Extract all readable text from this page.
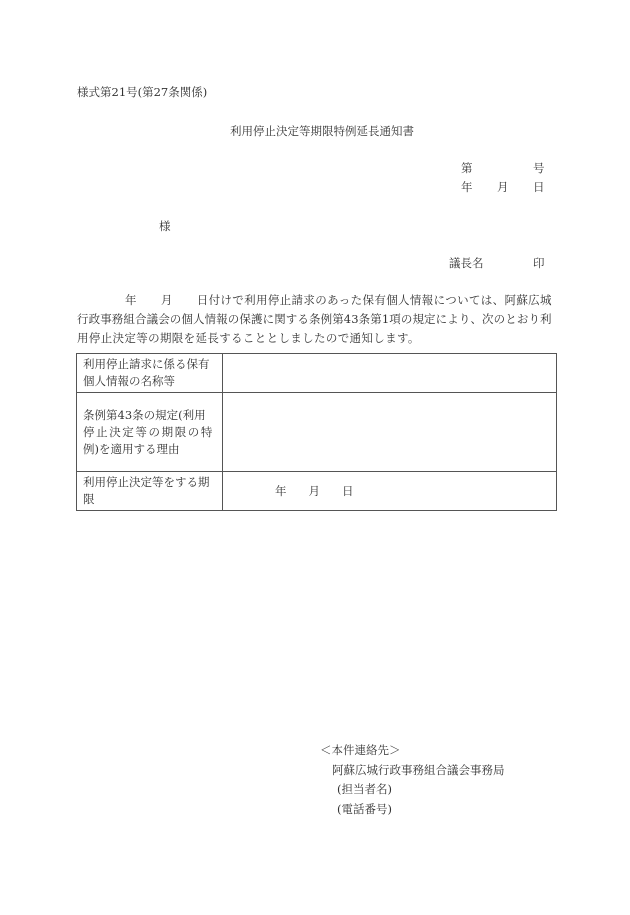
様式第21号(第27条関係)
利用停止決定等期限特例延長通知書
第	号
年 月 日
様
議長名	印
年 月 日付けで利用停止請求のあった保有個人情報については、阿蘇広城
行政事務組合議会の個人情報の保護に関する条例第43条第1項の規定により、次のとおり利
用停止決定等の期限を延長することとしましたので通知します。
利用停止請求に係る保有
個人情報の名称等	

条例第43条の規定(利用
停止決定等の期限の特
例)を適用する理由	

利用停止決定等をする期
限	年 月 日
＜本件連絡先＞
阿蘇広城行政事務組合議会事務局
(担当者名)
(電話番号)
